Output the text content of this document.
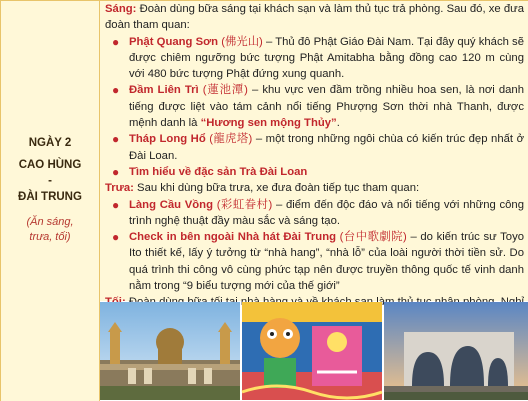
NGÀY 2
CAO HÙNG
-
ĐÀI TRUNG
(Ăn sáng,
trưa, tối)

Sáng: Đoàn dùng bữa sáng tại khách sạn và làm thủ tục trả phòng. Sau đó, xe đưa đoàn tham quan:

● Phật Quang Sơn (佛光山) – Thủ đô Phật Giáo Đài Nam. Tại đây quý khách sẽ được chiêm ngưỡng bức tượng Phật Amitabha bằng đồng cao 120 m cùng với 480 bức tượng Phật đứng xung quanh.
● Đầm Liên Trì (蓮池潭) – khu vực ven đầm trồng nhiều hoa sen, là nơi danh tiếng được liệt vào tám cảnh nổi tiếng Phượng Sơn thời nhà Thanh, được mệnh danh là “Hương sen mộng Thủy”.
● Tháp Long Hổ (龍虎塔) – một trong những ngôi chùa có kiến trúc đẹp nhất ở Đài Loan.
● Tìm hiểu về đặc sản Trà Đài Loan

Trưa: Sau khi dùng bữa trưa, xe đưa đoàn tiếp tục tham quan:

● Làng Cầu Vồng (彩虹眷村) – điểm đến độc đáo và nổi tiếng với những công trình nghệ thuật đầy màu sắc và sáng tạo.
● Check in bên ngoài Nhà hát Đài Trung (台中歌劇院) – do kiến trúc sư Toyo Ito thiết kế, lấy ý tưởng từ “nhà hang”, “nhà lỗ” của loài người thời tiền sử. Do quá trình thi công vô cùng phức tạp nên được truyền thông quốc tế vinh danh nằm trong “9 biểu tượng mới của thế giới”
